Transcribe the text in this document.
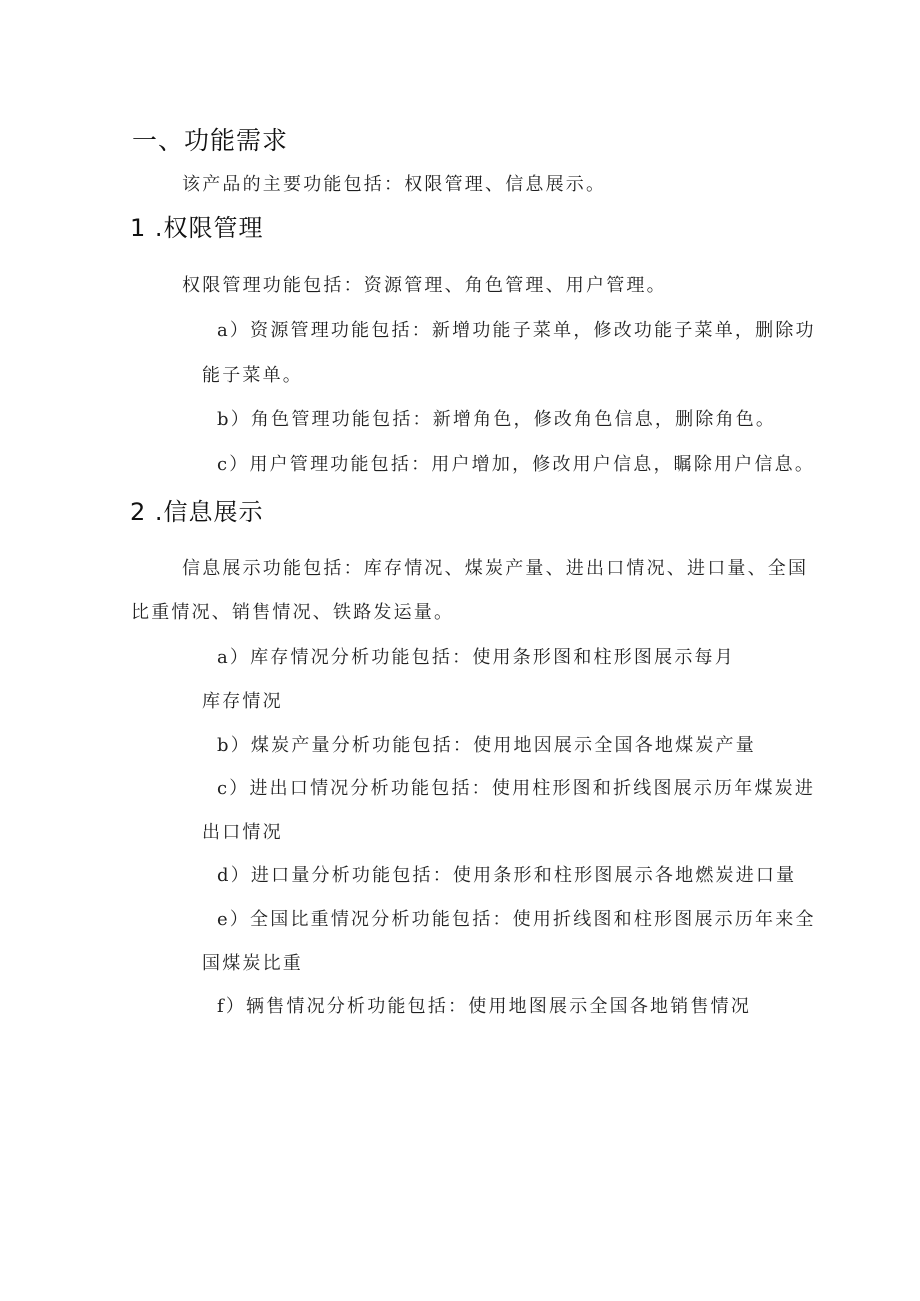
一、功能需求

该产品的主要功能包括：权限管理、信息展示。

1 .权限管理

权限管理功能包括：资源管理、角色管理、用户管理。

a）资源管理功能包括：新增功能子菜单，修改功能子菜单，删除功

能子菜单。

b）角色管理功能包括：新增角色，修改角色信息，删除角色。

c）用户管理功能包括：用户增加，修改用户信息，瞩除用户信息。

2 .信息展示

信息展示功能包括：库存情况、煤炭产量、进出口情况、进口量、全国

比重情况、销售情况、铁路发运量。

a）库存情况分析功能包括：使用条形图和柱形图展示每月

库存情况

b）煤炭产量分析功能包括：使用地因展示全国各地煤炭产量

c）进出口情况分析功能包括：使用柱形图和折线图展示历年煤炭进

出口情况

d）进口量分析功能包括：使用条形和柱形图展示各地燃炭进口量

e）全国比重情况分析功能包括：使用折线图和柱形图展示历年来全

国煤炭比重

f）辆售情况分析功能包括：使用地图展示全国各地销售情况
